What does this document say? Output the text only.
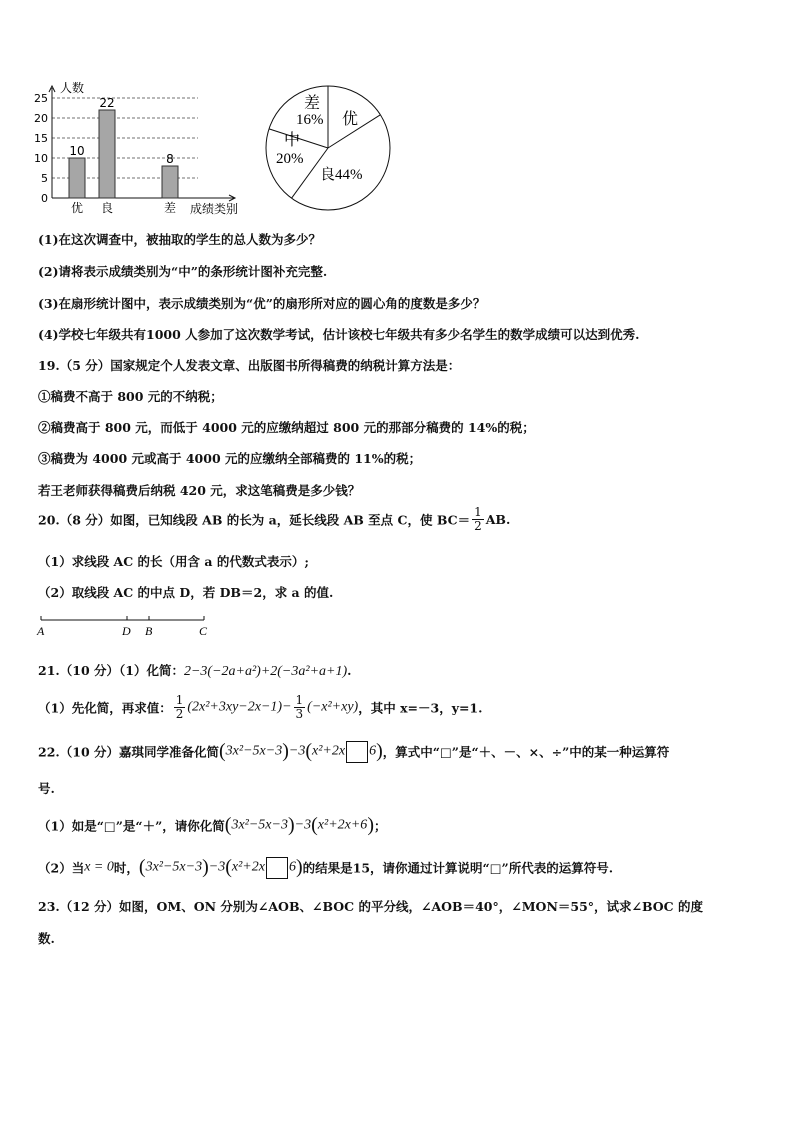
0
5
10
15
20
25
10
22
8
优 良	差
人数
成绩类别
差
16% 优
中
20%
良44%
(1)在这次调查中，被抽取的学生的总人数为多少？
(2)请将表示成绩类别为“中”的条形统计图补充完整.
(3)在扇形统计图中，表示成绩类别为“优”的扇形所对应的圆心角的度数是多少？
(4)学校七年级共有1000 人参加了这次数学考试，估计该校七年级共有多少名学生的数学成绩可以达到优秀.
19.（5 分）国家规定个人发表文章、出版图书所得稿费的纳税计算方法是：
①稿费不高于 800 元的不纳税；
②稿费高于 800 元，而低于 4000 元的应缴纳超过 800 元的那部分稿费的 14%的税；
③稿费为 4000 元或高于 4000 元的应缴纳全部稿费的 11%的税；
若王老师获得稿费后纳税 420 元，求这笔稿费是多少钱？
20.（8 分）如图，已知线段 AB 的长为 a，延长线段 AB 至点 C，使 $BC= \frac{1}{2}$ AB.
（1）求线段 AC 的长（用含 a 的代数式表示）;
（2）取线段 AC 的中点 D，若 DB＝2，求 a 的值.
A	D B	C
21.（10 分）（1）化简：2−3(−2a+a²)+2(−3a²+a+1).
（1）先化简，再求值： $\frac{1}{2} (2x^2+3xy-2x-1)- \frac{1}{3} (-x^2+xy)$，其中 x=－3，y=1.
22.（10 分）嘉琪同学准备化简(3x²−5x−3)−3(x²+2x 6)，算式中“□”是“＋、－、×、÷”中的某一种运算符
号.
（1）如是“□”是“＋”，请你化简(3x²−5x−3)−3(x²+2x+6)；
（2）当x = 0时，(3x²−5x−3)−3(x²+2x 6)的结果是15，请你通过计算说明“□”所代表的运算符号.
23.（12 分）如图，OM、ON 分别为∠AOB、∠BOC 的平分线，∠AOB＝40°，∠MON＝55°，试求∠BOC 的度
数.
